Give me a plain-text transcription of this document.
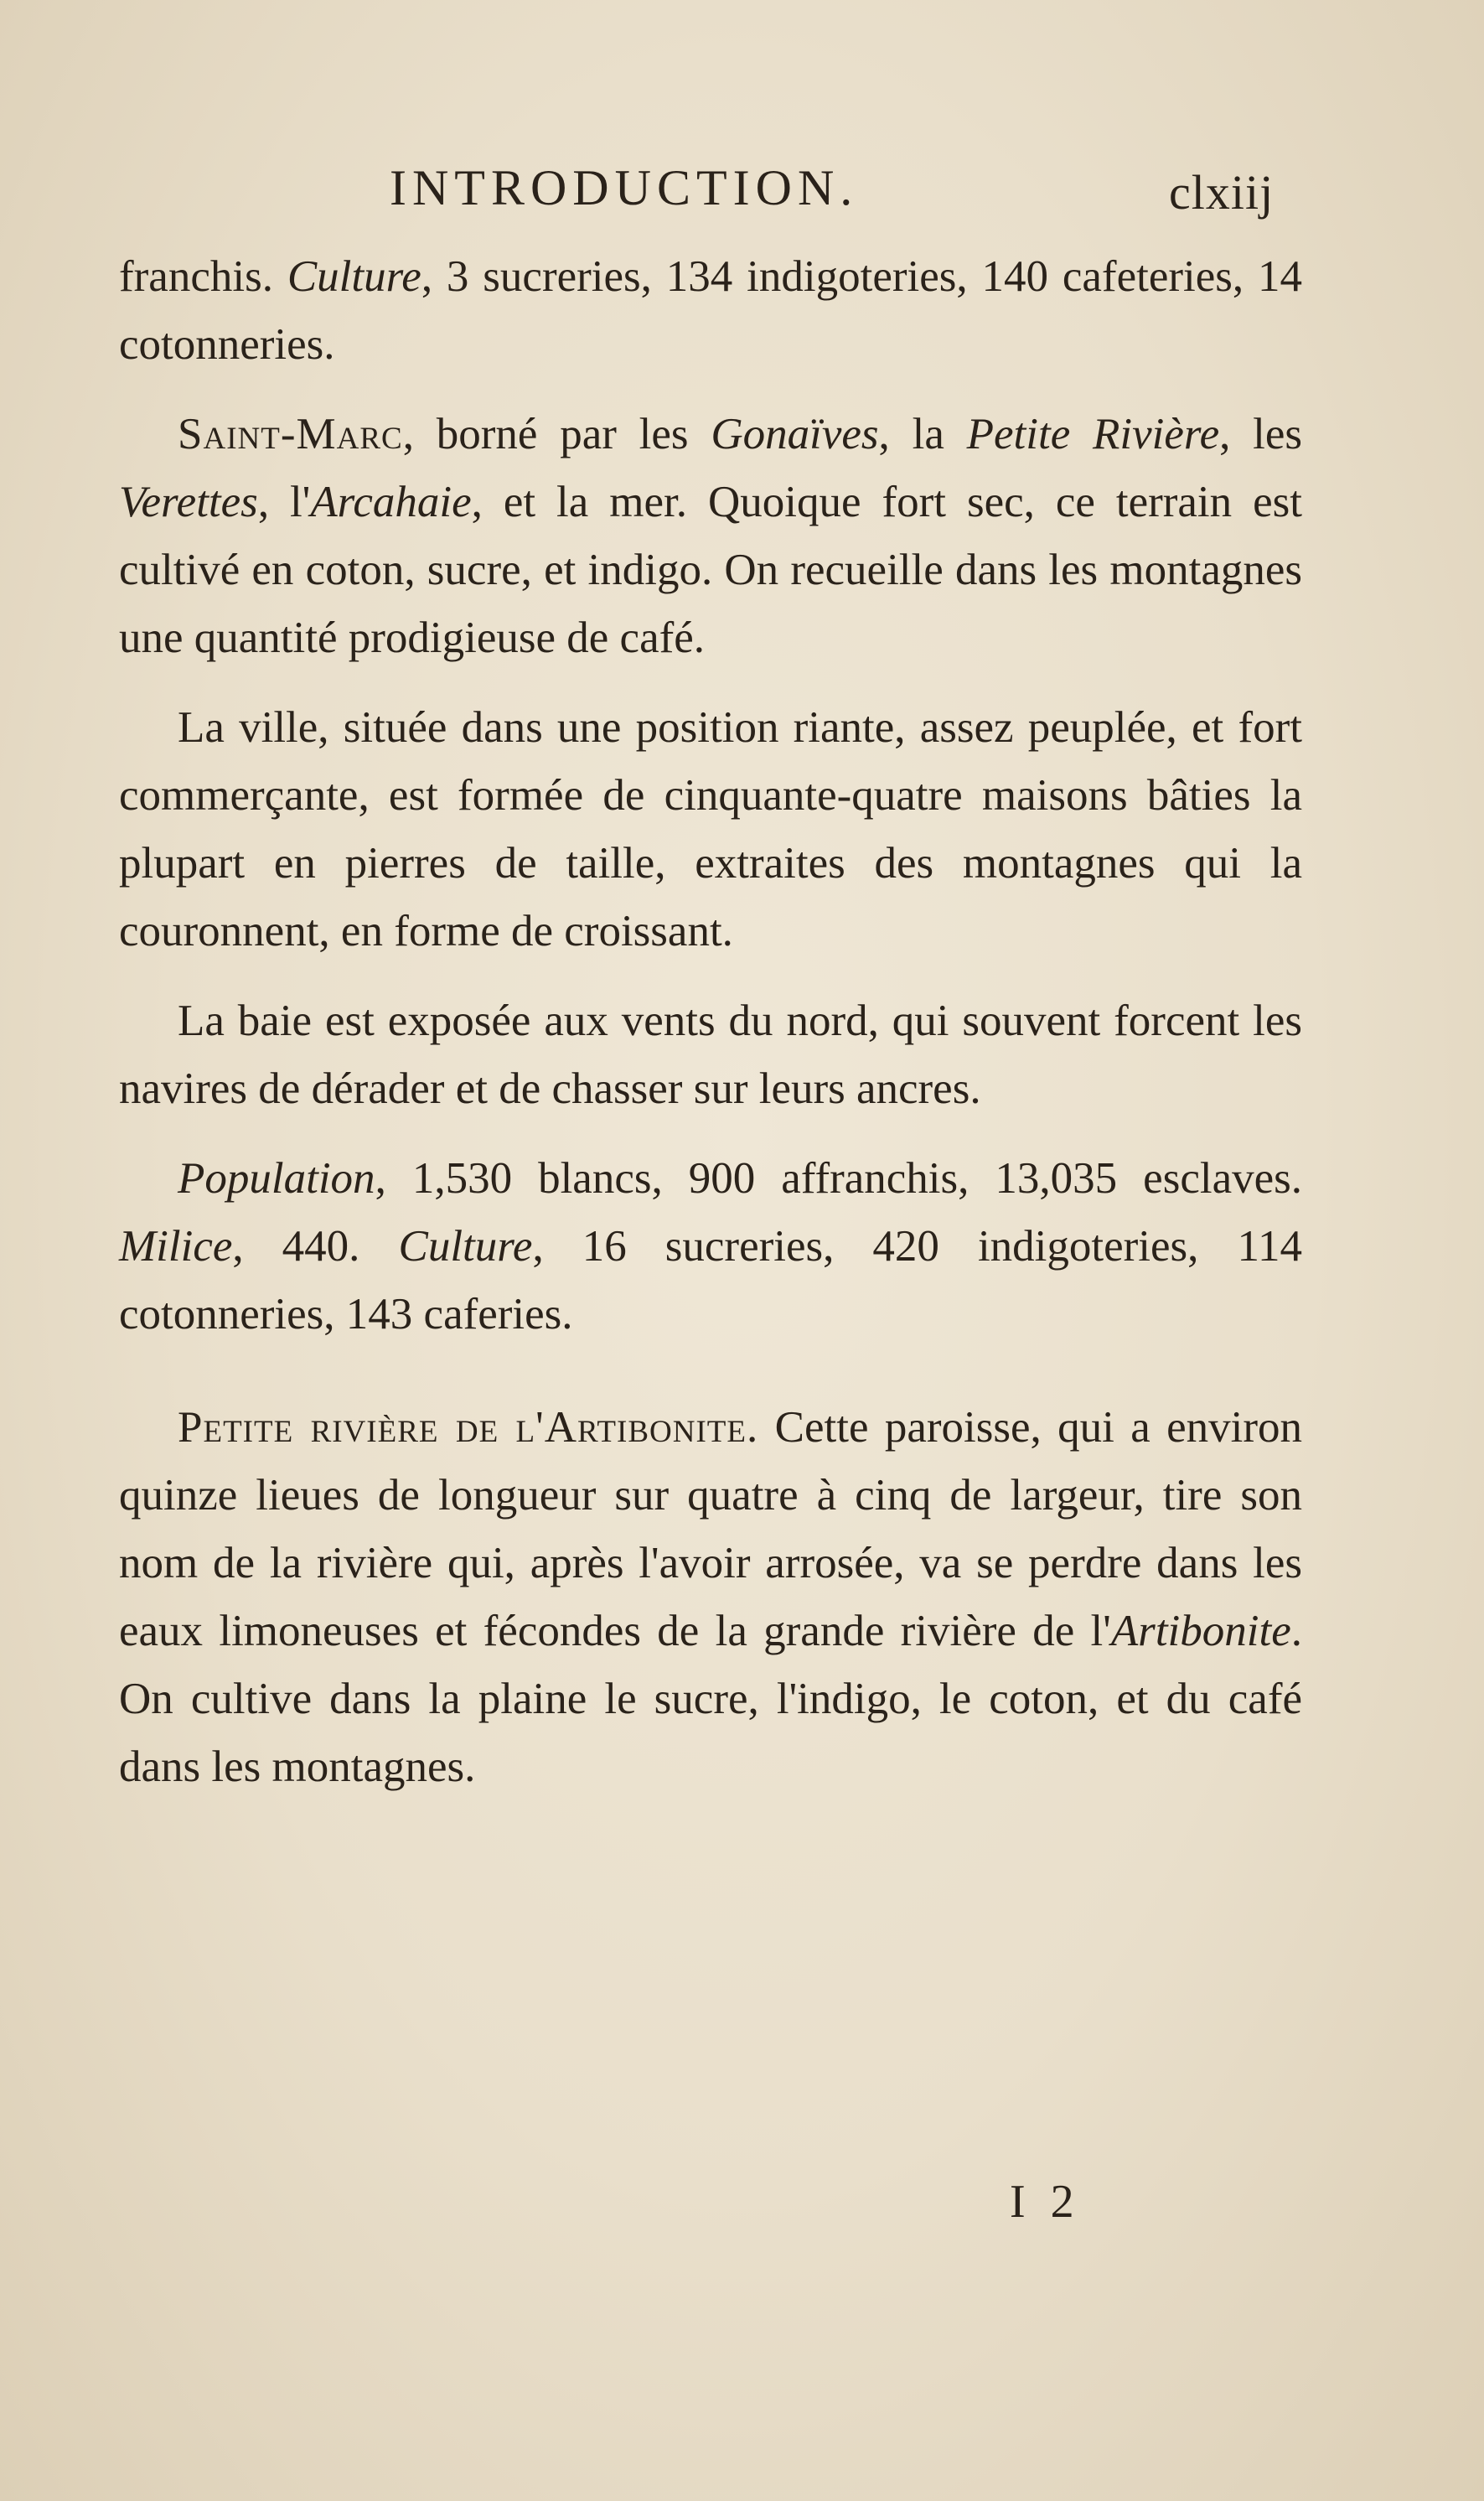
INTRODUCTION.	clxiij

franchis. Culture, 3 sucreries, 134 indigoteries, 140 cafeteries, 14 cotonneries.

Saint-Marc, borné par les Gonaïves, la Petite Rivière, les Verettes, l'Arcahaie, et la mer. Quoique fort sec, ce terrain est cultivé en coton, sucre, et indigo. On recueille dans les montagnes une quantité prodigieuse de café.

La ville, située dans une position riante, assez peuplée, et fort commerçante, est formée de cinquante-quatre maisons bâties la plupart en pierres de taille, extraites des montagnes qui la couronnent, en forme de croissant.

La baie est exposée aux vents du nord, qui souvent forcent les navires de dérader et de chasser sur leurs ancres.

Population, 1,530 blancs, 900 affranchis, 13,035 esclaves. Milice, 440. Culture, 16 sucreries, 420 indigoteries, 114 cotonneries, 143 caferies.

Petite rivière de l'Artibonite. Cette paroisse, qui a environ quinze lieues de longueur sur quatre à cinq de largeur, tire son nom de la rivière qui, après l'avoir arrosée, va se perdre dans les eaux limoneuses et fécondes de la grande rivière de l'Artibonite. On cultive dans la plaine le sucre, l'indigo, le coton, et du café dans les montagnes.

I 2
